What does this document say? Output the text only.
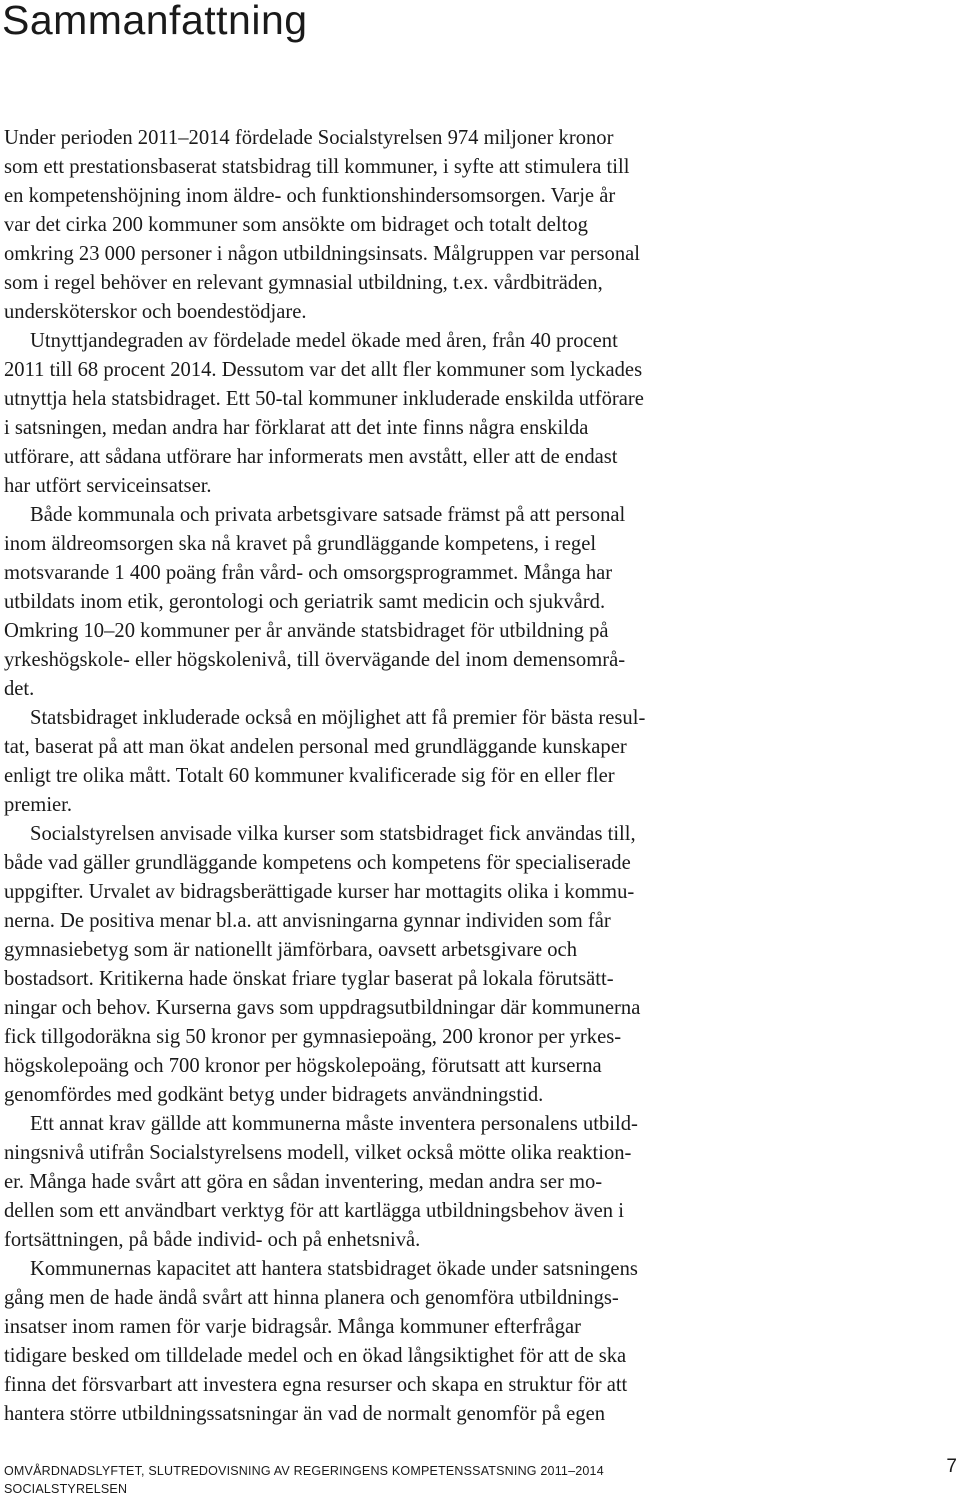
Sammanfattning

Under perioden 2011–2014 fördelade Socialstyrelsen 974 miljoner kronor
som ett prestationsbaserat statsbidrag till kommuner, i syfte att stimulera till
en kompetenshöjning inom äldre- och funktionshindersomsorgen. Varje år
var det cirka 200 kommuner som ansökte om bidraget och totalt deltog
omkring 23 000 personer i någon utbildningsinsats. Målgruppen var personal
som i regel behöver en relevant gymnasial utbildning, t.ex. vårdbiträden,
undersköterskor och boendestödjare.

Utnyttjandegraden av fördelade medel ökade med åren, från 40 procent
2011 till 68 procent 2014. Dessutom var det allt fler kommuner som lyckades
utnyttja hela statsbidraget. Ett 50-tal kommuner inkluderade enskilda utförare
i satsningen, medan andra har förklarat att det inte finns några enskilda
utförare, att sådana utförare har informerats men avstått, eller att de endast
har utfört serviceinsatser.

Både kommunala och privata arbetsgivare satsade främst på att personal
inom äldreomsorgen ska nå kravet på grundläggande kompetens, i regel
motsvarande 1 400 poäng från vård- och omsorgsprogrammet. Många har
utbildats inom etik, gerontologi och geriatrik samt medicin och sjukvård.
Omkring 10–20 kommuner per år använde statsbidraget för utbildning på
yrkeshögskole- eller högskolenivå, till övervägande del inom demensområ-
det.

Statsbidraget inkluderade också en möjlighet att få premier för bästa resul-
tat, baserat på att man ökat andelen personal med grundläggande kunskaper
enligt tre olika mått. Totalt 60 kommuner kvalificerade sig för en eller fler
premier.

Socialstyrelsen anvisade vilka kurser som statsbidraget fick användas till,
både vad gäller grundläggande kompetens och kompetens för specialiserade
uppgifter. Urvalet av bidragsberättigade kurser har mottagits olika i kommu-
nerna. De positiva menar bl.a. att anvisningarna gynnar individen som får
gymnasiebetyg som är nationellt jämförbara, oavsett arbetsgivare och
bostadsort. Kritikerna hade önskat friare tyglar baserat på lokala förutsätt-
ningar och behov. Kurserna gavs som uppdragsutbildningar där kommunerna
fick tillgodoräkna sig 50 kronor per gymnasiepoäng, 200 kronor per yrkes-
högskolepoäng och 700 kronor per högskolepoäng, förutsatt att kurserna
genomfördes med godkänt betyg under bidragets användningstid.

Ett annat krav gällde att kommunerna måste inventera personalens utbild-
ningsnivå utifrån Socialstyrelsens modell, vilket också mötte olika reaktion-
er. Många hade svårt att göra en sådan inventering, medan andra ser mo-
dellen som ett användbart verktyg för att kartlägga utbildningsbehov även i
fortsättningen, på både individ- och på enhetsnivå.

Kommunernas kapacitet att hantera statsbidraget ökade under satsningens
gång men de hade ändå svårt att hinna planera och genomföra utbildnings-
insatser inom ramen för varje bidragsår. Många kommuner efterfrågar
tidigare besked om tilldelade medel och en ökad långsiktighet för att de ska
finna det försvarbart att investera egna resurser och skapa en struktur för att
hantera större utbildningssatsningar än vad de normalt genomför på egen

OMVÅRDNADSLYFTET, SLUTREDOVISNING AV REGERINGENS KOMPETENSSATSNING 2011–2014
SOCIALSTYRELSEN
7
